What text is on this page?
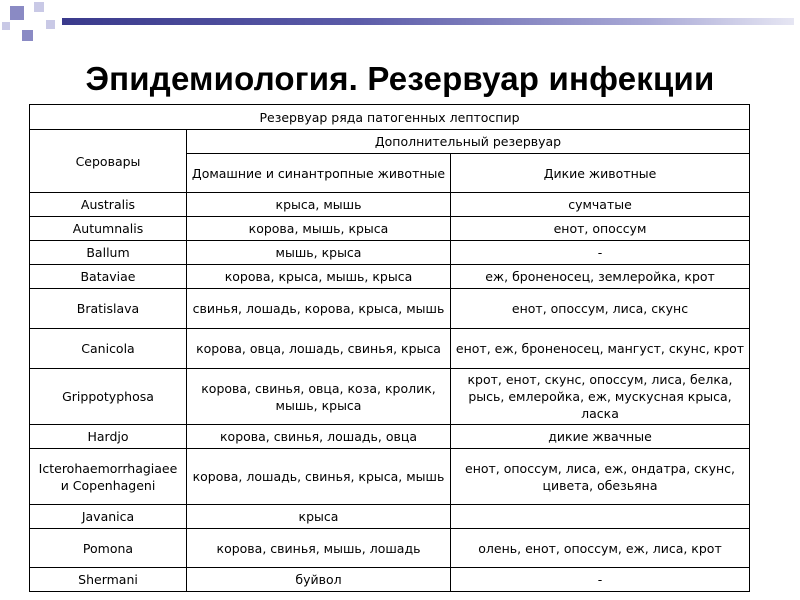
Эпидемиология. Резервуар инфекции
Резервуар ряда патогенных лептоспир		
Серовары	Дополнительный резервуар	
	Домашние и синантропные животные	Дикие животные
Australis	крыса, мышь	сумчатые
Autumnalis	корова, мышь, крыса	енот, опоссум
Ballum	мышь, крыса	-
Bataviae	корова, крыса, мышь, крыса	еж, броненосец, землеройка, крот
Bratislava	свинья, лошадь, корова, крыса, мышь	енот, опоссум, лиса, скунс
Canicola	корова, овца, лошадь, свинья, крыса	енот, еж, броненосец, мангуст, скунс, крот
Grippotyphosa	корова, свинья, овца, коза, кролик, мышь, крыса	крот, енот, скунс, опоссум, лиса, белка, рысь, емлеройка, еж, мускусная крыса, ласка
Hardjo	корова, свинья, лошадь, овца	дикие жвачные
Icterohaemorrhagiaee и Copenhageni	корова, лошадь, свинья, крыса, мышь	енот, опоссум, лиса, еж, ондатра, скунс, цивета, обезьяна
Javanica	крыса	
Pomona	корова, свинья, мышь, лошадь	олень, енот, опоссум, еж, лиса, крот
Shermani	буйвол	-
